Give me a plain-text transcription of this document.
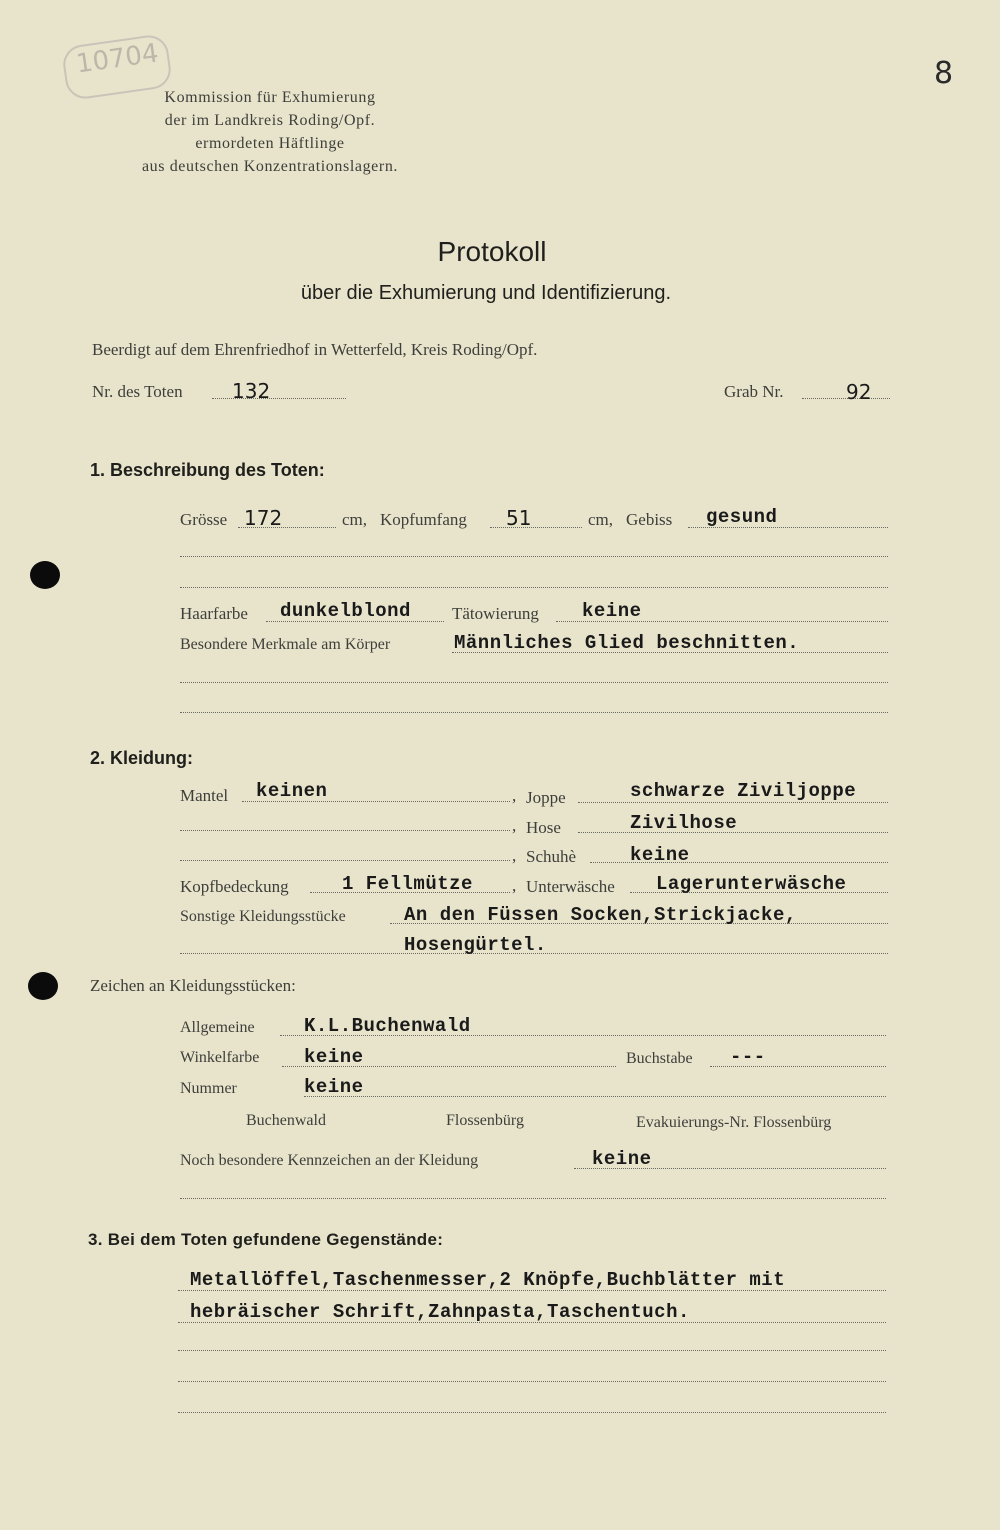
10704	8
Kommission für Exhumierung
der im Landkreis Roding/Opf.
ermordeten Häftlinge
aus deutschen Konzentrationslagern.
Protokoll
über die Exhumierung und Identifizierung.
Beerdigt auf dem Ehrenfriedhof in Wetterfeld, Kreis Roding/Opf.
Nr. des Toten 132	Grab Nr.	92
1. Beschreibung des Toten:
Grösse 172	cm, Kopfumfang 51	cm, Gebiss gesund
Haarfarbe dunkelblond Tätowierung keine
Besondere Merkmale am Körper	Männliches Glied beschnitten.
2. Kleidung:
Mantel keinen	, Joppe	schwarze Ziviljoppe
, Hose	Zivilhose
, Schuhè	keine
Kopfbedeckung	1 Fellmütze , Unterwäsche Lagerunterwäsche
Sonstige Kleidungsstücke	An den Füssen Socken,Strickjacke,
Hosengürtel.
Zeichen an Kleidungsstücken:
Allgemeine	K.L.Buchenwald
Winkelfarbe keine	Buchstabe ---
Nummer	keine
Buchenwald	Flossenbürg	Evakuierungs-Nr. Flossenbürg
Noch besondere Kennzeichen an der Kleidung	keine
3. Bei dem Toten gefundene Gegenstände:
Metallöffel,Taschenmesser,2 Knöpfe,Buchblätter mit
hebräischer Schrift,Zahnpasta,Taschentuch.
